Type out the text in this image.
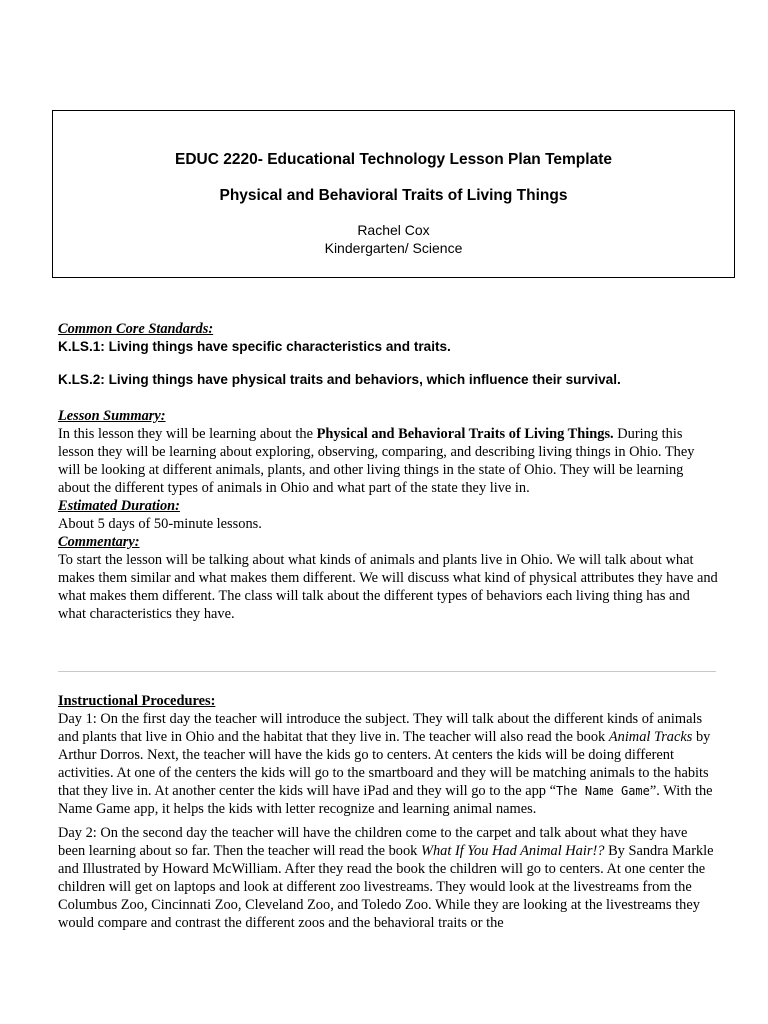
EDUC 2220- Educational Technology Lesson Plan Template
Physical and Behavioral Traits of Living Things
Rachel Cox
Kindergarten/ Science
Common Core Standards:
K.LS.1: Living things have specific characteristics and traits.
K.LS.2: Living things have physical traits and behaviors, which influence their survival.
Lesson Summary:
In this lesson they will be learning about the Physical and Behavioral Traits of Living Things. During this lesson they will be learning about exploring, observing, comparing, and describing living things in Ohio. They will be looking at different animals, plants, and other living things in the state of Ohio. They will be learning about the different types of animals in Ohio and what part of the state they live in.
Estimated Duration:
About 5 days of 50-minute lessons.
Commentary:
To start the lesson will be talking about what kinds of animals and plants live in Ohio. We will talk about what makes them similar and what makes them different. We will discuss what kind of physical attributes they have and what makes them different. The class will talk about the different types of behaviors each living thing has and what characteristics they have.
Instructional Procedures:
Day 1: On the first day the teacher will introduce the subject. They will talk about the different kinds of animals and plants that live in Ohio and the habitat that they live in. The teacher will also read the book Animal Tracks by Arthur Dorros. Next, the teacher will have the kids go to centers. At centers the kids will be doing different activities. At one of the centers the kids will go to the smartboard and they will be matching animals to the habits that they live in. At another center the kids will have iPad and they will go to the app “The Name Game”. With the Name Game app, it helps the kids with letter recognize and learning animal names.
Day 2: On the second day the teacher will have the children come to the carpet and talk about what they have been learning about so far. Then the teacher will read the book What If You Had Animal Hair!? By Sandra Markle and Illustrated by Howard McWilliam. After they read the book the children will go to centers. At one center the children will get on laptops and look at different zoo livestreams. They would look at the livestreams from the Columbus Zoo, Cincinnati Zoo, Cleveland Zoo, and Toledo Zoo. While they are looking at the livestreams they would compare and contrast the different zoos and the behavioral traits or the
